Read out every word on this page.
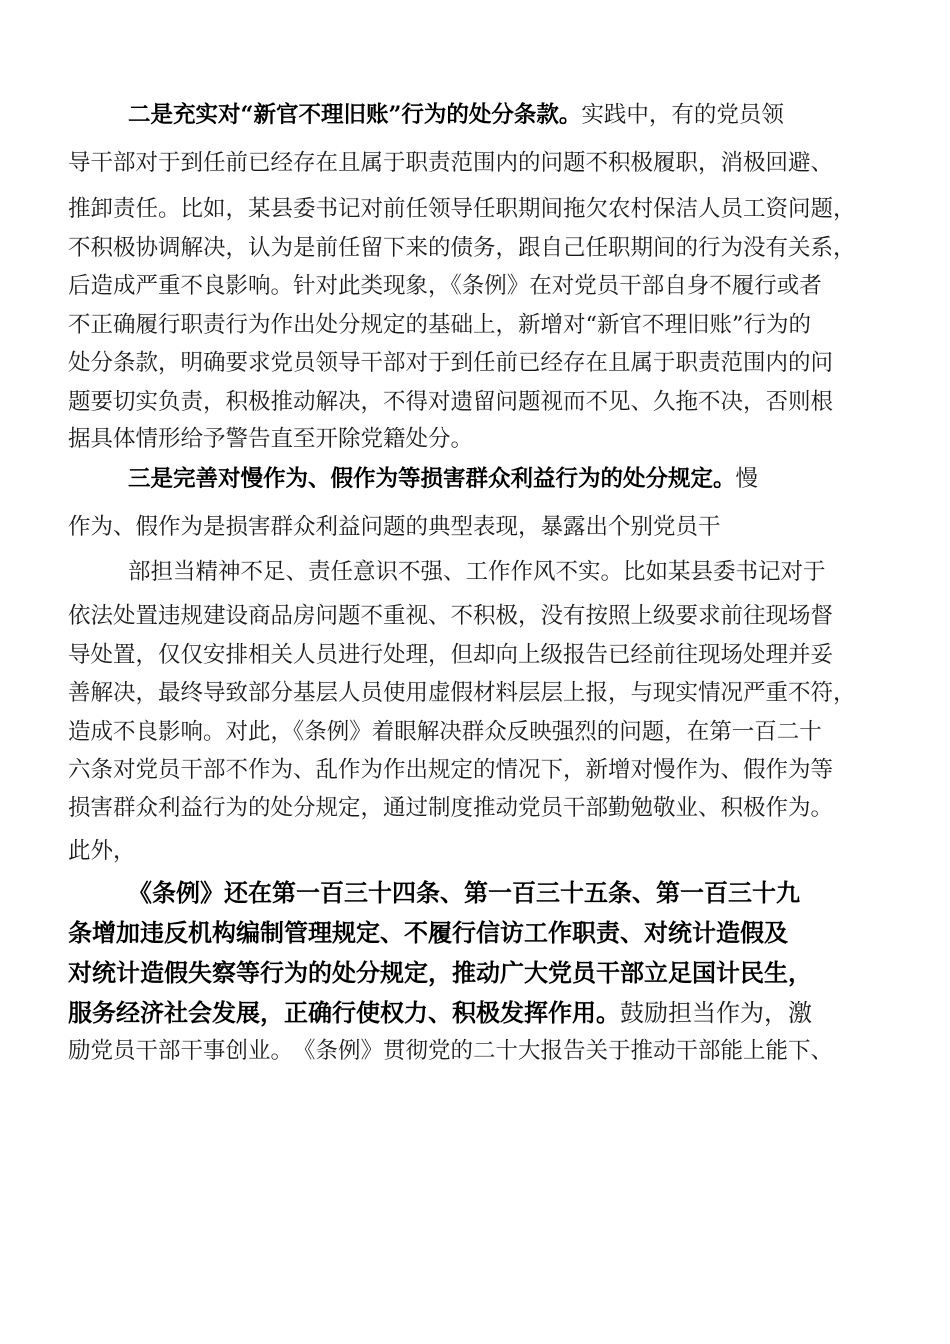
二是充实对“新官不理旧账”行为的处分条款。实践中，有的党员领
导干部对于到任前已经存在且属于职责范围内的问题不积极履职，消极回避、
推卸责任。比如，某县委书记对前任领导任职期间拖欠农村保洁人员工资问题，
不积极协调解决，认为是前任留下来的债务，跟自己任职期间的行为没有关系，
后造成严重不良影响。针对此类现象，《条例》在对党员干部自身不履行或者
不正确履行职责行为作出处分规定的基础上，新增对“新官不理旧账”行为的
处分条款，明确要求党员领导干部对于到任前已经存在且属于职责范围内的问
题要切实负责，积极推动解决，不得对遗留问题视而不见、久拖不决，否则根
据具体情形给予警告直至开除党籍处分。
三是完善对慢作为、假作为等损害群众利益行为的处分规定。慢
作为、假作为是损害群众利益问题的典型表现，暴露出个别党员干
部担当精神不足、责任意识不强、工作作风不实。比如某县委书记对于
依法处置违规建设商品房问题不重视、不积极，没有按照上级要求前往现场督
导处置，仅仅安排相关人员进行处理，但却向上级报告已经前往现场处理并妥
善解决，最终导致部分基层人员使用虚假材料层层上报，与现实情况严重不符，
造成不良影响。对此，《条例》着眼解决群众反映强烈的问题，在第一百二十
六条对党员干部不作为、乱作为作出规定的情况下，新增对慢作为、假作为等
损害群众利益行为的处分规定，通过制度推动党员干部勤勉敬业、积极作为。
此外，
《条例》还在第一百三十四条、第一百三十五条、第一百三十九
条增加违反机构编制管理规定、不履行信访工作职责、对统计造假及
对统计造假失察等行为的处分规定，推动广大党员干部立足国计民生，
服务经济社会发展，正确行使权力、积极发挥作用。鼓励担当作为，激
励党员干部干事创业。　《条例》贯彻党的二十大报告关于推动干部能上能下、
